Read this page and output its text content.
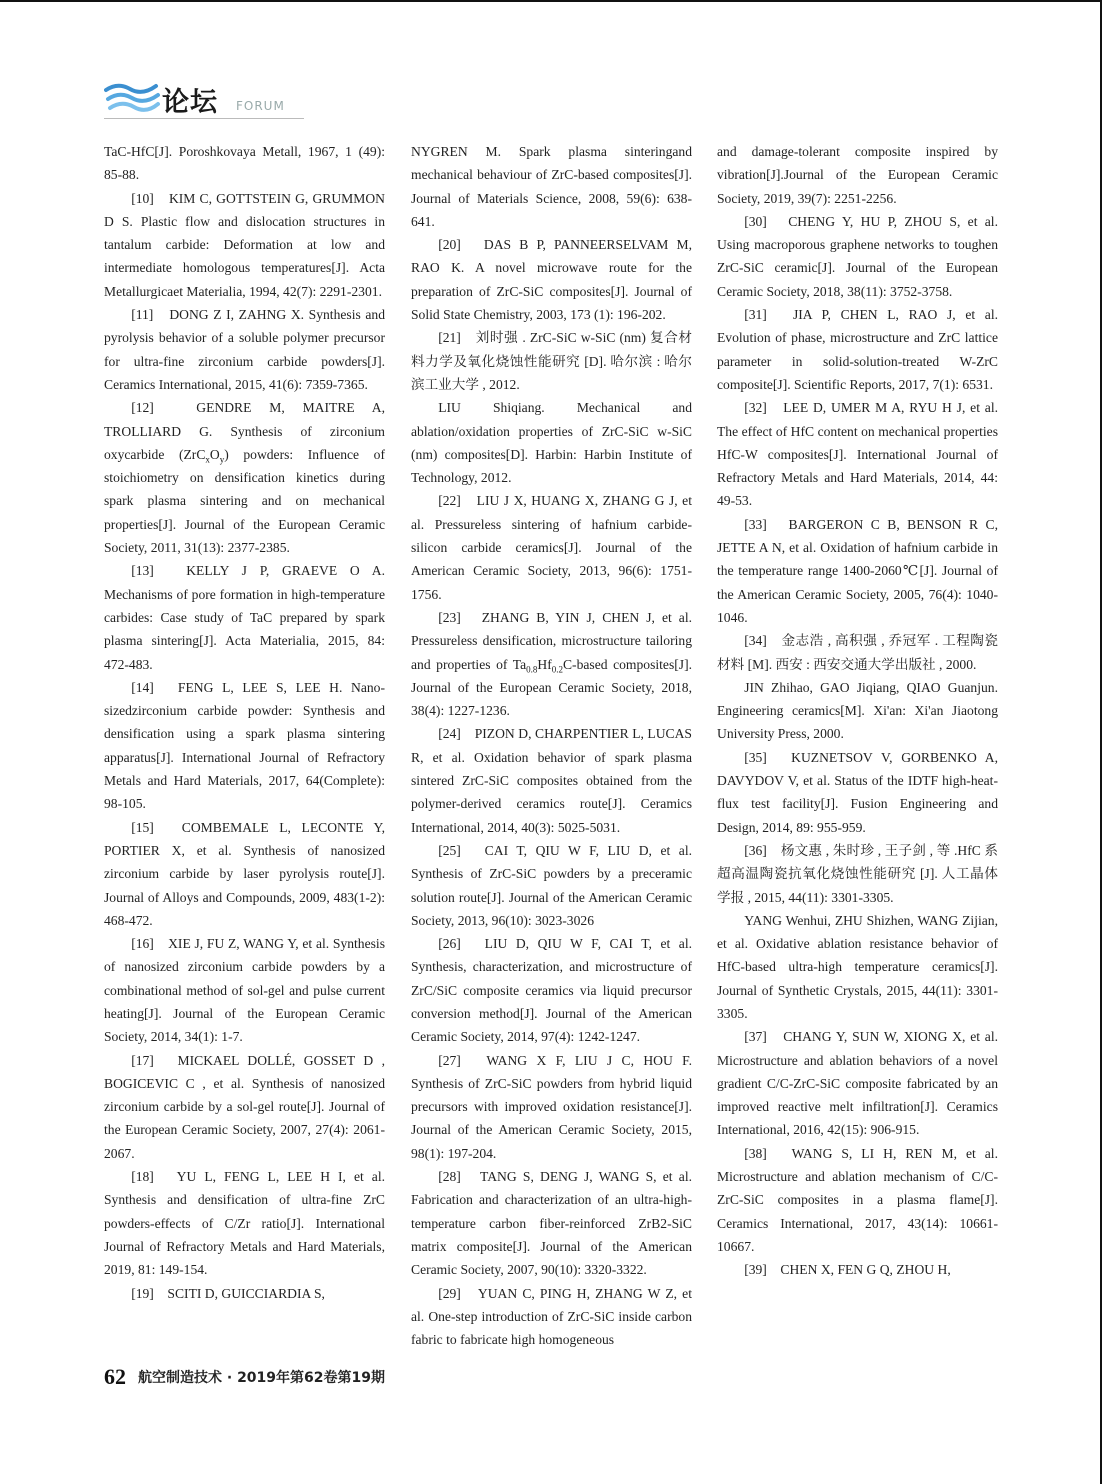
论坛 FORUM

TaC-HfC[J]. Poroshkovaya Metall, 1967, 1 (49): 85-88.

[10]　KIM C, GOTTSTEIN G, GRUMMON D S. Plastic flow and dislocation structures in tantalum carbide: Deformation at low and intermediate homologous temperatures[J]. Acta Metallurgicaet Materialia, 1994, 42(7): 2291-2301.

[11]　DONG Z I, ZAHNG X. Synthesis and pyrolysis behavior of a soluble polymer precursor for ultra-fine zirconium carbide powders[J]. Ceramics International, 2015, 41(6): 7359-7365.

[12]　GENDRE M, MAITRE A, TROLLIARD G. Synthesis of zirconium oxycarbide $(ZrC_xO_y)$ powders: Influence of stoichiometry on densification kinetics during spark plasma sintering and on mechanical properties[J]. Journal of the European Ceramic Society, 2011, 31(13): 2377-2385.

[13]　KELLY J P, GRAEVE O A. Mechanisms of pore formation in high-temperature carbides: Case study of TaC prepared by spark plasma sintering[J]. Acta Materialia, 2015, 84: 472-483.

[14]　FENG L, LEE S, LEE H. Nano-sizedzirconium carbide powder: Synthesis and densification using a spark plasma sintering apparatus[J]. International Journal of Refractory Metals and Hard Materials, 2017, 64(Complete): 98-105.

[15]　COMBEMALE L, LECONTE Y, PORTIER X, et al. Synthesis of nanosized zirconium carbide by laser pyrolysis route[J]. Journal of Alloys and Compounds, 2009, 483(1-2): 468-472.

[16]　XIE J, FU Z, WANG Y, et al. Synthesis of nanosized zirconium carbide powders by a combinational method of sol-gel and pulse current heating[J]. Journal of the European Ceramic Society, 2014, 34(1): 1-7.

[17]　MICKAEL DOLLÉ, GOSSET D , BOGICEVIC C , et al. Synthesis of nanosized zirconium carbide by a sol-gel route[J]. Journal of the European Ceramic Society, 2007, 27(4): 2061-2067.

[18]　YU L, FENG L, LEE H I, et al. Synthesis and densification of ultra-fine ZrC powders-effects of C/Zr ratio[J]. International Journal of Refractory Metals and Hard Materials, 2019, 81: 149-154.

[19]　SCITI D, GUICCIARDIA S,

NYGREN M. Spark plasma sinteringand mechanical behaviour of ZrC-based composites[J]. Journal of Materials Science, 2008, 59(6): 638-641.

[20]　DAS B P, PANNEERSELVAM M, RAO K. A novel microwave route for the preparation of ZrC-SiC composites[J]. Journal of Solid State Chemistry, 2003, 173 (1): 196-202.

[21]　刘时强 . ZrC-SiC w-SiC (nm) 复合材料力学及氧化烧蚀性能研究 [D]. 哈尔滨 : 哈尔滨工业大学 , 2012.

LIU Shiqiang. Mechanical and ablation/oxidation properties of ZrC-SiC w-SiC (nm) composites[D]. Harbin: Harbin Institute of Technology, 2012.

[22]　LIU J X, HUANG X, ZHANG G J, et al. Pressureless sintering of hafnium carbide-silicon carbide ceramics[J]. Journal of the American Ceramic Society, 2013, 96(6): 1751-1756.

[23]　ZHANG B, YIN J, CHEN J, et al. Pressureless densification, microstructure tailoring and properties of $Ta_{0.8}Hf_{0.2}C$-based composites[J]. Journal of the European Ceramic Society, 2018, 38(4): 1227-1236.

[24]　PIZON D, CHARPENTIER L, LUCAS R, et al. Oxidation behavior of spark plasma sintered ZrC-SiC composites obtained from the polymer-derived ceramics route[J]. Ceramics International, 2014, 40(3): 5025-5031.

[25]　CAI T, QIU W F, LIU D, et al. Synthesis of ZrC-SiC powders by a preceramic solution route[J]. Journal of the American Ceramic Society, 2013, 96(10): 3023-3026

[26]　LIU D, QIU W F, CAI T, et al. Synthesis, characterization, and microstructure of ZrC/SiC composite ceramics via liquid precursor conversion method[J]. Journal of the American Ceramic Society, 2014, 97(4): 1242-1247.

[27]　WANG X F, LIU J C, HOU F. Synthesis of ZrC-SiC powders from hybrid liquid precursors with improved oxidation resistance[J]. Journal of the American Ceramic Society, 2015, 98(1): 197-204.

[28]　TANG S, DENG J, WANG S, et al. Fabrication and characterization of an ultra-high-temperature carbon fiber-reinforced ZrB2-SiC matrix composite[J]. Journal of the American Ceramic Society, 2007, 90(10): 3320-3322.

[29]　YUAN C, PING H, ZHANG W Z, et al. One-step introduction of ZrC-SiC inside carbon fabric to fabricate high homogeneous

and damage-tolerant composite inspired by vibration[J].Journal of the European Ceramic Society, 2019, 39(7): 2251-2256.

[30]　CHENG Y, HU P, ZHOU S, et al. Using macroporous graphene networks to toughen ZrC-SiC ceramic[J]. Journal of the European Ceramic Society, 2018, 38(11): 3752-3758.

[31]　JIA P, CHEN L, RAO J, et al. Evolution of phase, microstructure and ZrC lattice parameter in solid-solution-treated W-ZrC composite[J]. Scientific Reports, 2017, 7(1): 6531.

[32]　LEE D, UMER M A, RYU H J, et al. The effect of HfC content on mechanical properties HfC-W composites[J]. International Journal of Refractory Metals and Hard Materials, 2014, 44: 49-53.

[33]　BARGERON C B, BENSON R C, JETTE A N, et al. Oxidation of hafnium carbide in the temperature range 1400-2060℃[J]. Journal of the American Ceramic Society, 2005, 76(4): 1040-1046.

[34]　金志浩 , 高积强 , 乔冠军 . 工程陶瓷材料 [M]. 西安 : 西安交通大学出版社 , 2000.

JIN Zhihao, GAO Jiqiang, QIAO Guanjun. Engineering ceramics[M]. Xi'an: Xi'an Jiaotong University Press, 2000.

[35]　KUZNETSOV V, GORBENKO A, DAVYDOV V, et al. Status of the IDTF high-heat-flux test facility[J]. Fusion Engineering and Design, 2014, 89: 955-959.

[36]　杨文惠 , 朱时珍 , 王子剑 , 等 .HfC 系超高温陶瓷抗氧化烧蚀性能研究 [J]. 人工晶体学报 , 2015, 44(11): 3301-3305.

YANG Wenhui, ZHU Shizhen, WANG Zijian, et al. Oxidative ablation resistance behavior of HfC-based ultra-high temperature ceramics[J]. Journal of Synthetic Crystals, 2015, 44(11): 3301-3305.

[37]　CHANG Y, SUN W, XIONG X, et al. Microstructure and ablation behaviors of a novel gradient C/C-ZrC-SiC composite fabricated by an improved reactive melt infiltration[J]. Ceramics International, 2016, 42(15): 906-915.

[38]　WANG S, LI H, REN M, et al. Microstructure and ablation mechanism of C/C-ZrC-SiC composites in a plasma flame[J]. Ceramics International, 2017, 43(14): 10661-10667.

[39]　CHEN X, FEN G Q, ZHOU H,

62 航空制造技术 · 2019年第62卷第19期
